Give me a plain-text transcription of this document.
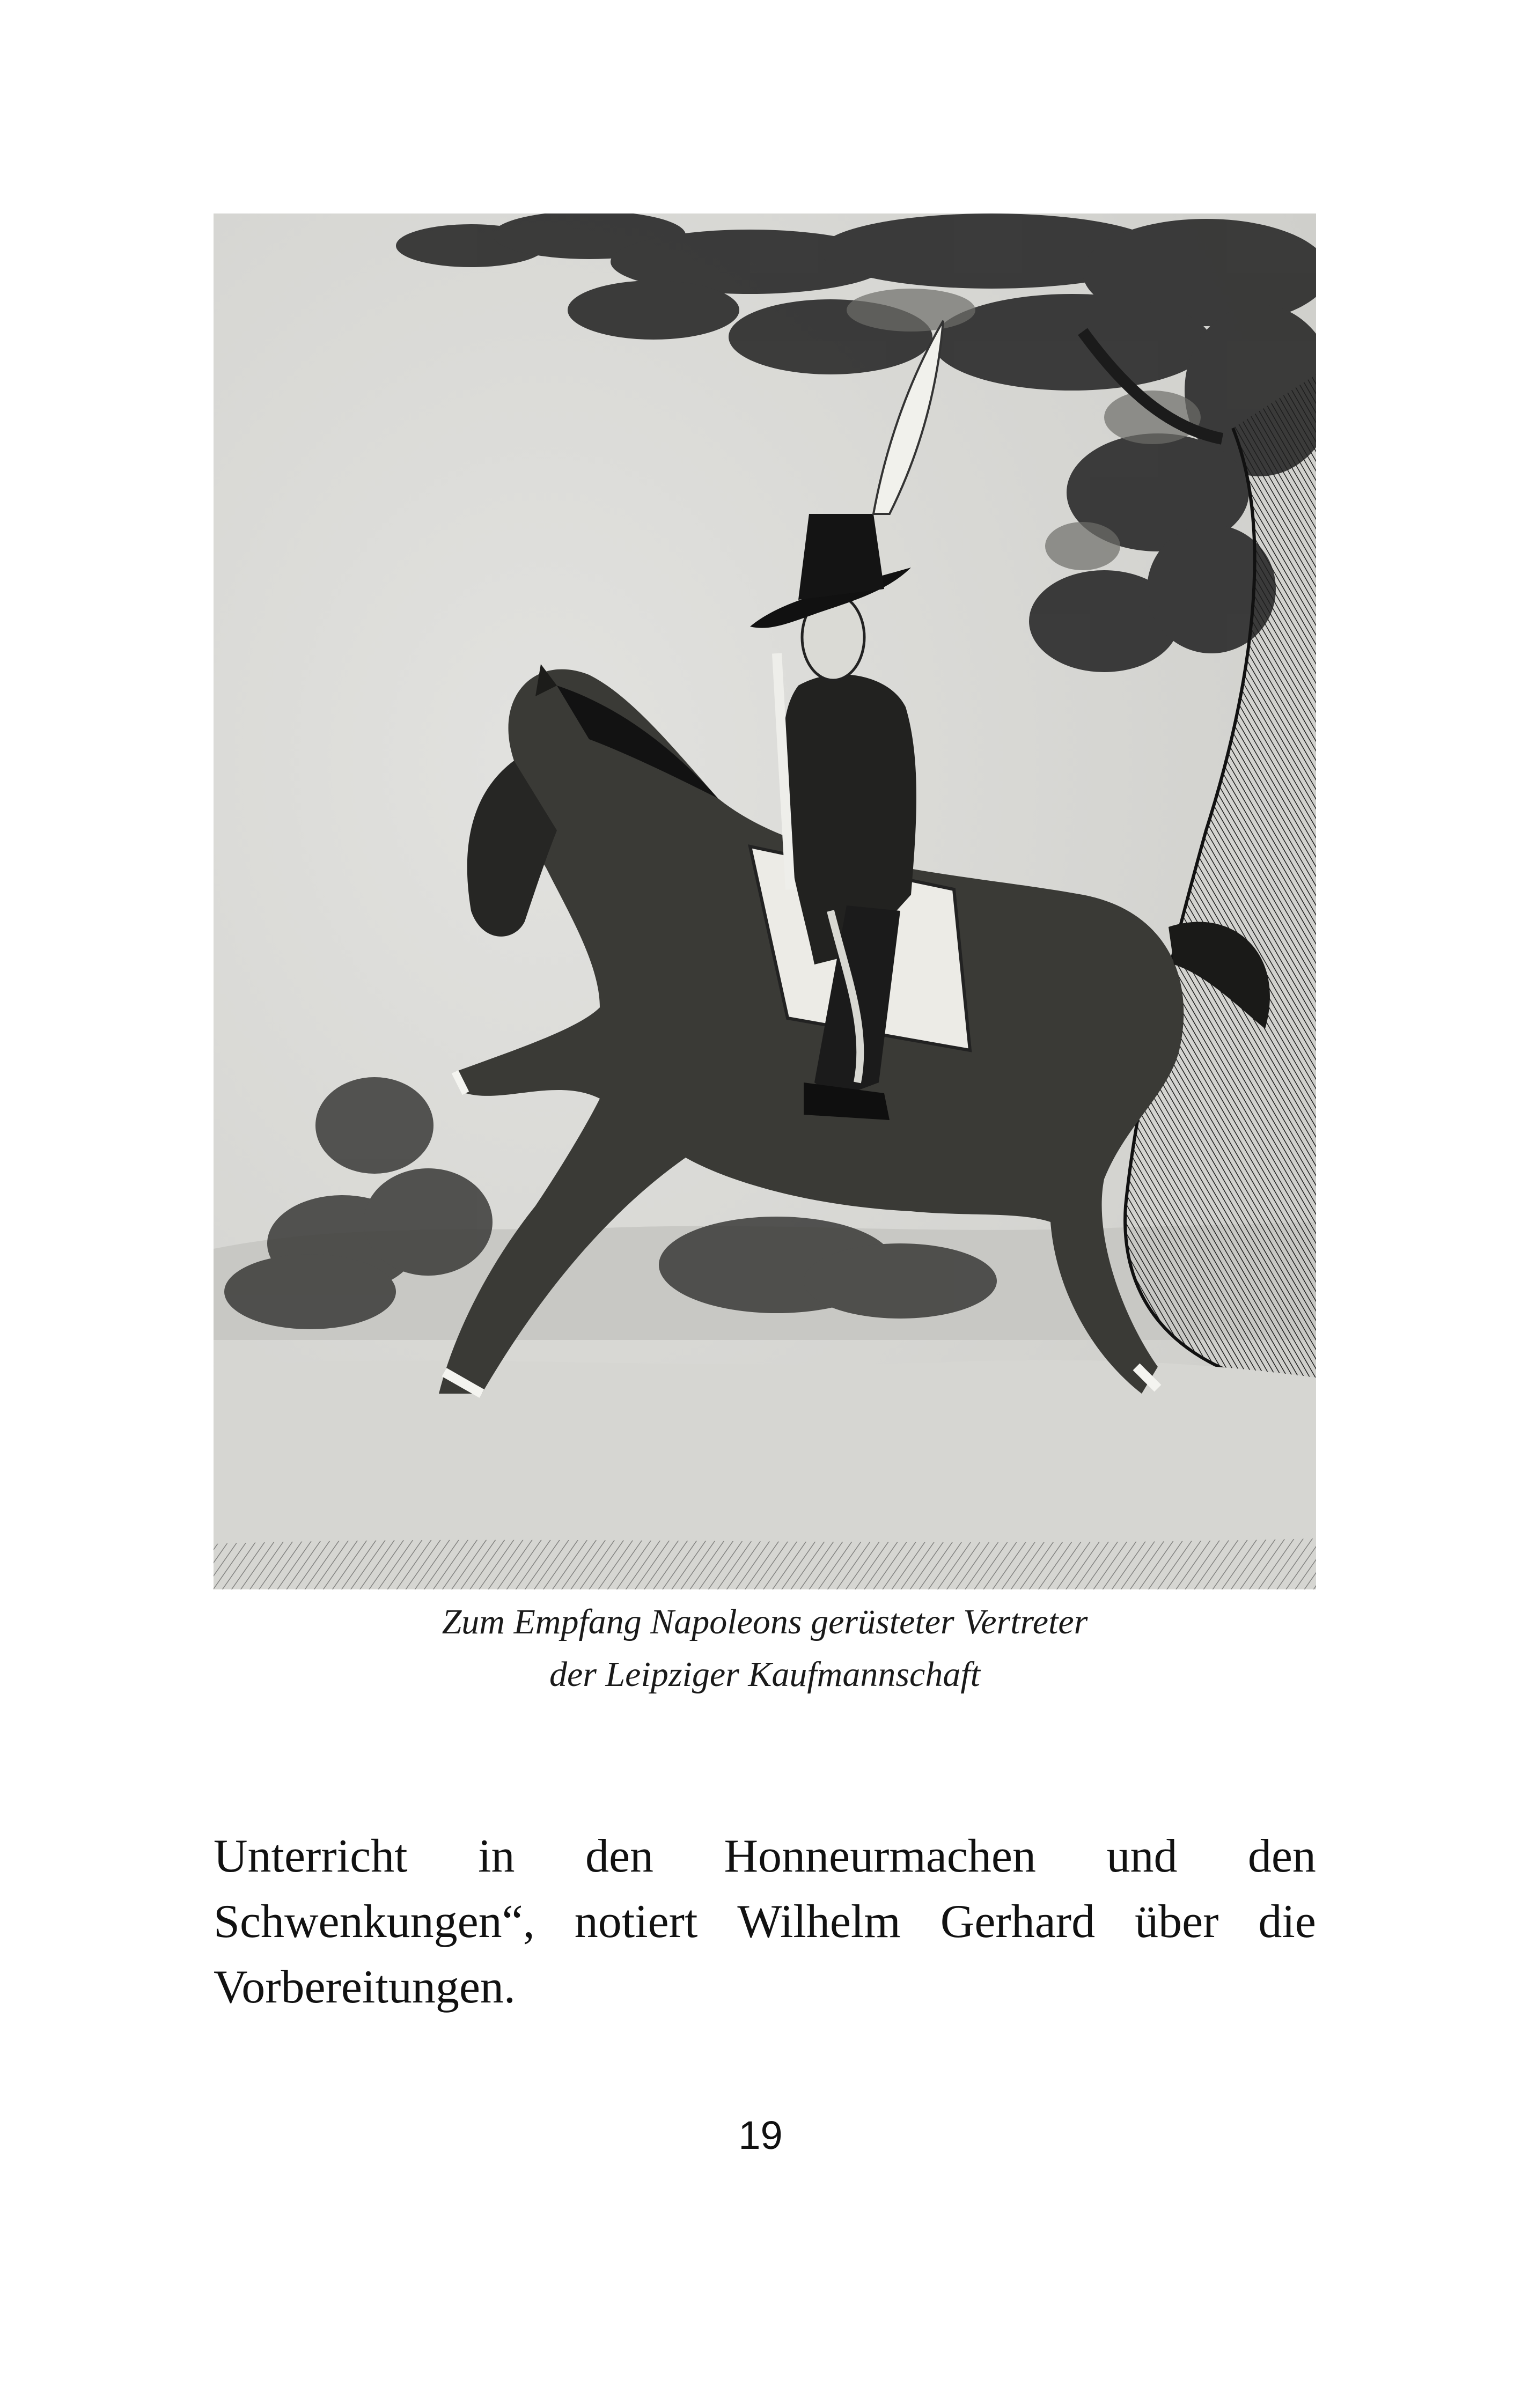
Zum Empfang Napoleons gerüsteter Vertreter
der Leipziger Kaufmannschaft
Unterricht in den Honneurmachen und den
Schwenkungen“, notiert Wilhelm Gerhard über die
Vorbereitungen.
19
